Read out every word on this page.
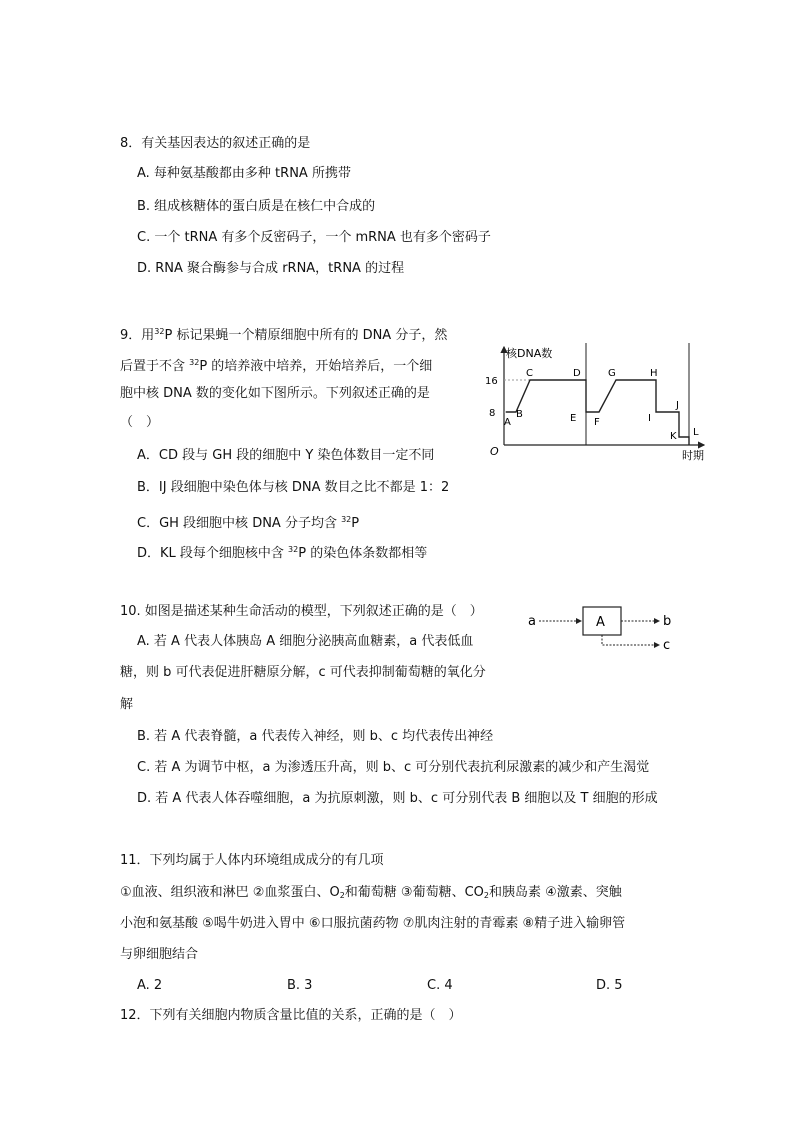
8．有关基因表达的叙述正确的是
A. 每种氨基酸都由多种 tRNA 所携带
B. 组成核糖体的蛋白质是在核仁中合成的
C. 一个 tRNA 有多个反密码子，一个 mRNA 也有多个密码子
D. RNA 聚合酶参与合成 rRNA，tRNA 的过程
9．用$^{32}$P 标记果蝇一个精原细胞中所有的 DNA 分子，然
后置于不含 $^{32}$P 的培养液中培养，开始培养后，一个细
胞中核 DNA 数的变化如下图所示。下列叙述正确的是
（　）
A．CD 段与 GH 段的细胞中 Y 染色体数目一定不同
B．IJ 段细胞中染色体与核 DNA 数目之比不都是 1：2
C．GH 段细胞中核 DNA 分子均含 $^{32}$P
D．KL 段每个细胞核中含 $^{32}$P 的染色体条数都相等
核DNA数
时期
O
16
8
A
B
C	D
E F
G	H
I
J
K L
10. 如图是描述某种生命活动的模型，下列叙述正确的是（　）
A. 若 A 代表人体胰岛 A 细胞分泌胰高血糖素，a 代表低血
糖，则 b 可代表促进肝糖原分解，c 可代表抑制葡萄糖的氧化分
解
B. 若 A 代表脊髓，a 代表传入神经，则 b、c 均代表传出神经
C. 若 A 为调节中枢，a 为渗透压升高，则 b、c 可分别代表抗利尿激素的减少和产生渴觉
D. 若 A 代表人体吞噬细胞，a 为抗原刺激，则 b、c 可分别代表 B 细胞以及 T 细胞的形成
a	A	b
c
11．下列均属于人体内环境组成成分的有几项
①血液、组织液和淋巴 ②血浆蛋白、$O_2$和葡萄糖 ③葡萄糖、$CO_2$和胰岛素 ④激素、突触
小泡和氨基酸 ⑤喝牛奶进入胃中 ⑥口服抗菌药物 ⑦肌肉注射的青霉素 ⑧精子进入输卵管
与卵细胞结合
A. 2	B. 3	C. 4	D. 5
12．下列有关细胞内物质含量比值的关系，正确的是（　）
